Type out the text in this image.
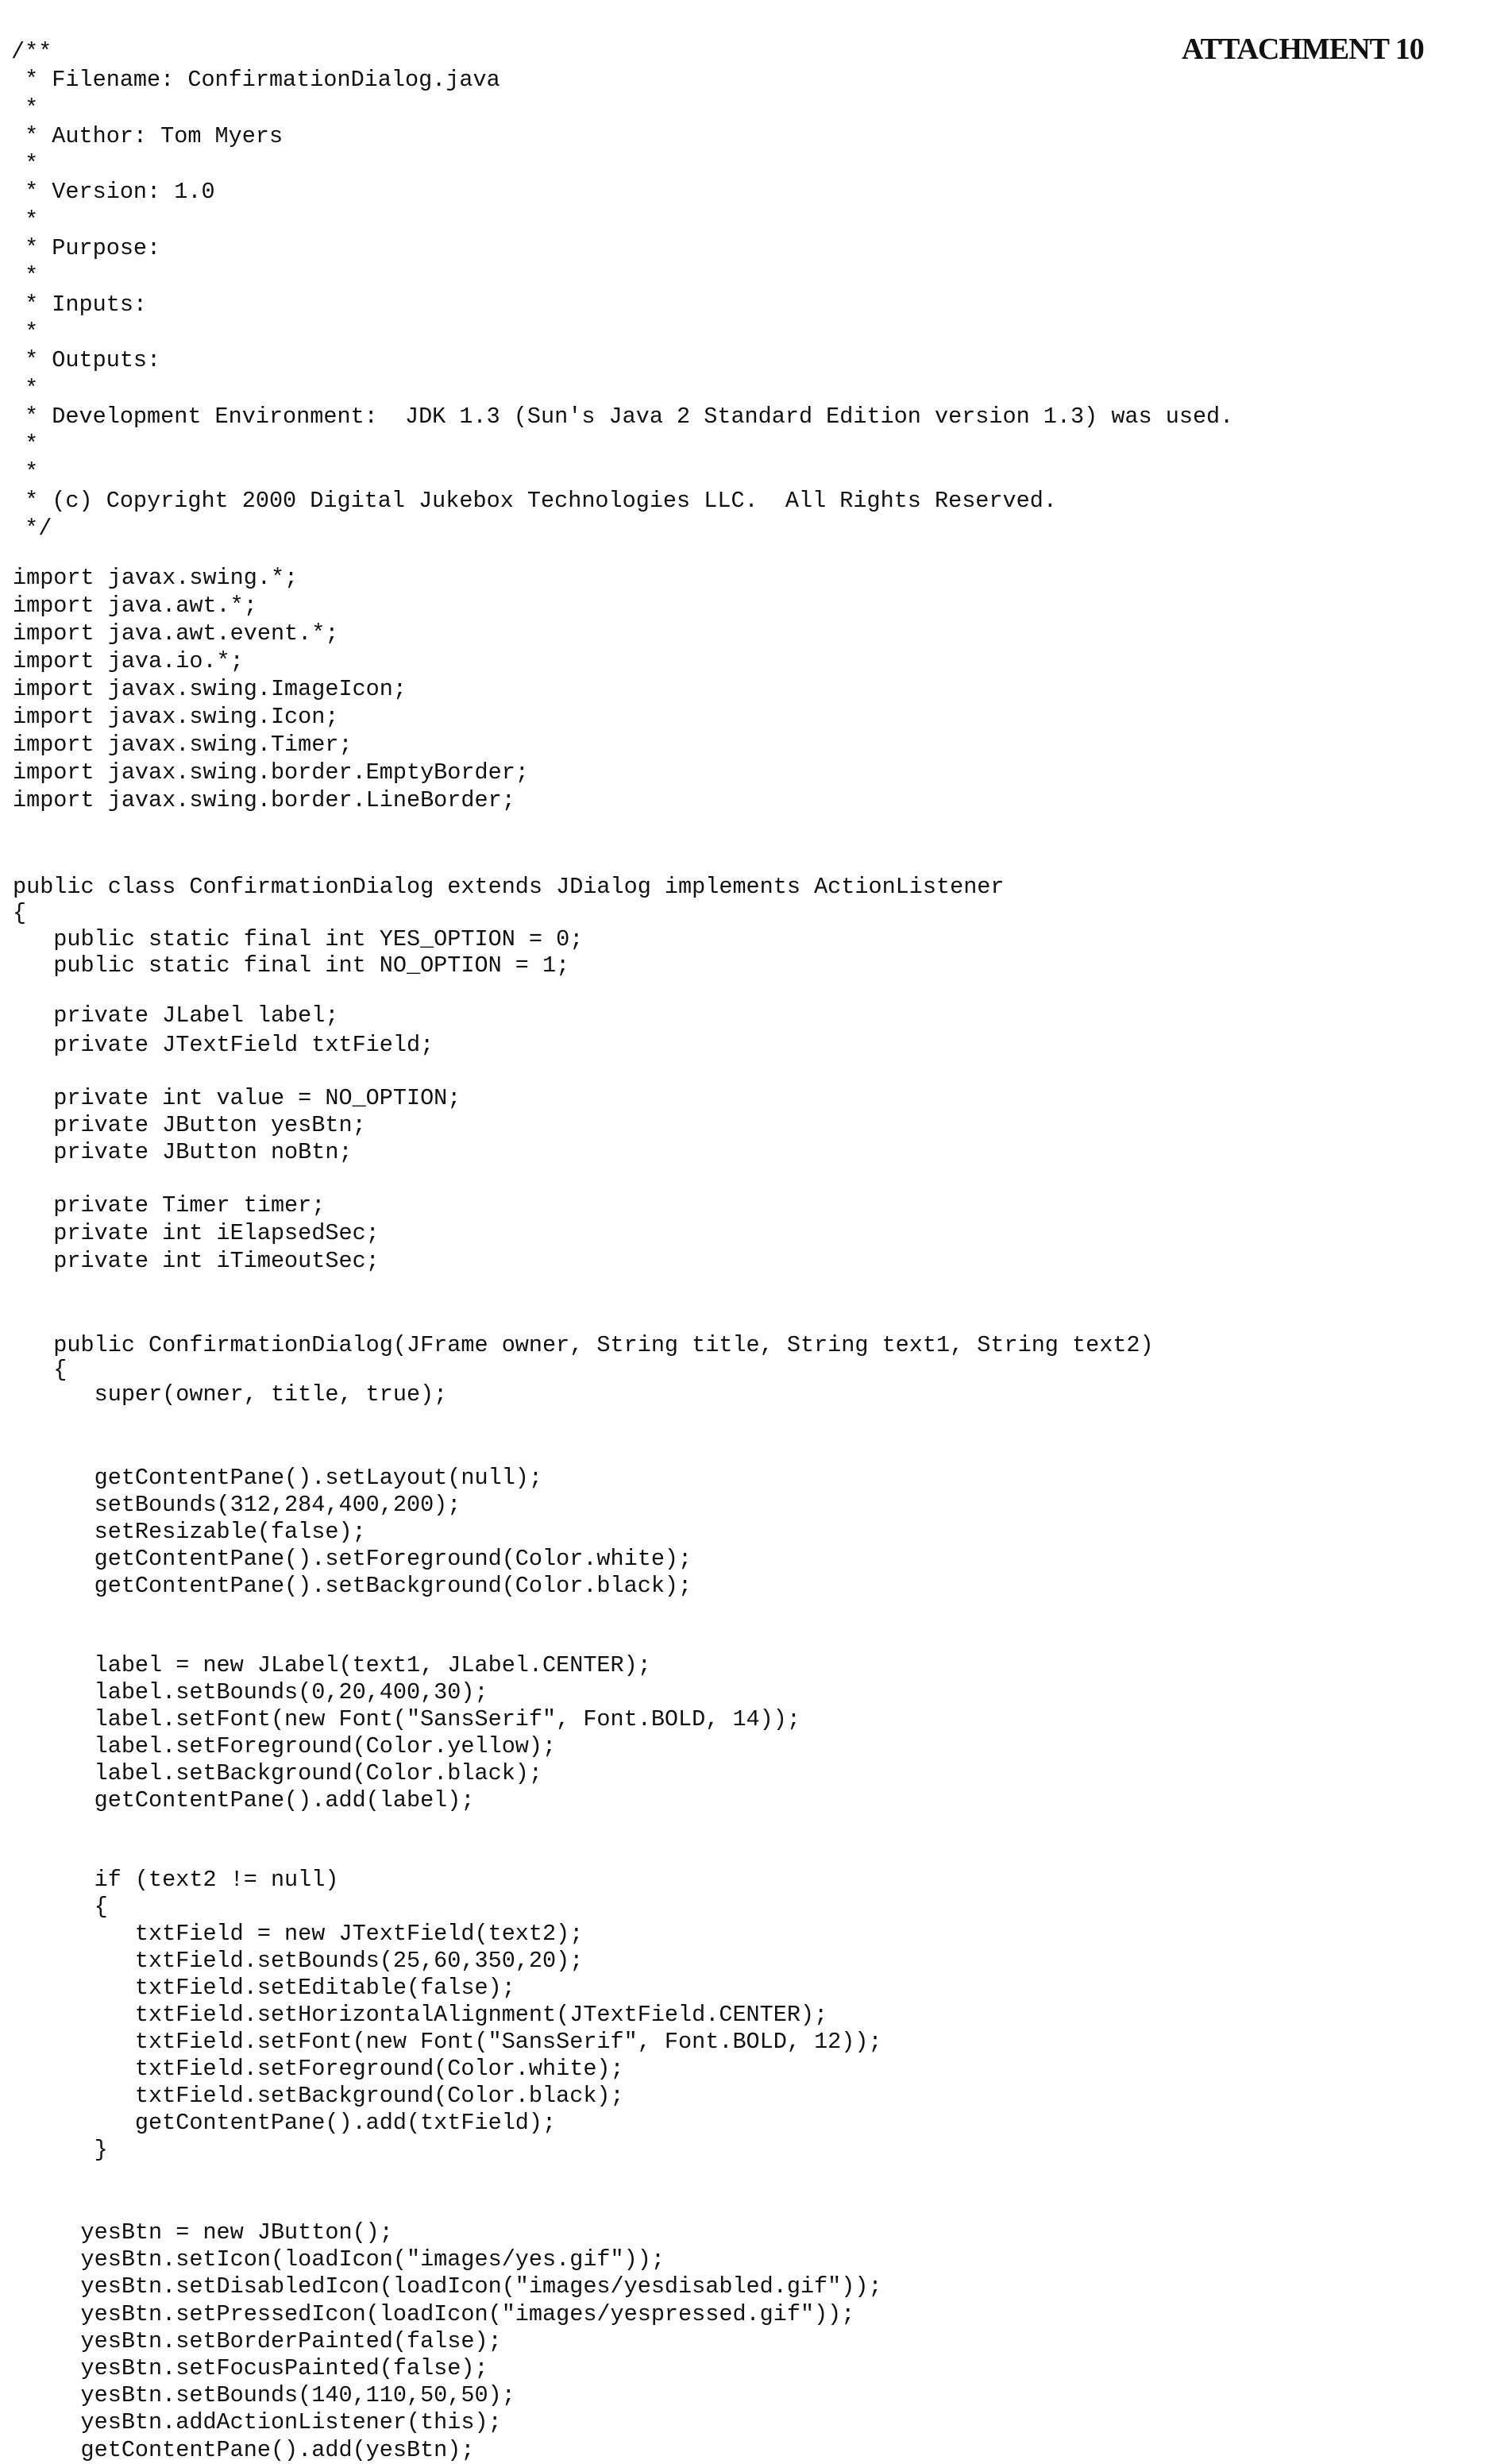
ATTACHMENT 10
/**
* Filename: ConfirmationDialog.java
*
* Author: Tom Myers
*
* Version: 1.0
*
* Purpose:
*
* Inputs:
*
* Outputs:
*
* Development Environment:  JDK 1.3 (Sun's Java 2 Standard Edition version 1.3) was used.
*
*
* (c) Copyright 2000 Digital Jukebox Technologies LLC.  All Rights Reserved.
*/
import javax.swing.*;
import java.awt.*;
import java.awt.event.*;
import java.io.*;
import javax.swing.ImageIcon;
import javax.swing.Icon;
import javax.swing.Timer;
import javax.swing.border.EmptyBorder;
import javax.swing.border.LineBorder;
public class ConfirmationDialog extends JDialog implements ActionListener
{
public static final int YES_OPTION = 0;
public static final int NO_OPTION = 1;
private JLabel label;
private JTextField txtField;
private int value = NO_OPTION;
private JButton yesBtn;
private JButton noBtn;
private Timer timer;
private int iElapsedSec;
private int iTimeoutSec;
public ConfirmationDialog(JFrame owner, String title, String text1, String text2)
{
super(owner, title, true);
getContentPane().setLayout(null);
setBounds(312,284,400,200);
setResizable(false);
getContentPane().setForeground(Color.white);
getContentPane().setBackground(Color.black);
label = new JLabel(text1, JLabel.CENTER);
label.setBounds(0,20,400,30);
label.setFont(new Font("SansSerif", Font.BOLD, 14));
label.setForeground(Color.yellow);
label.setBackground(Color.black);
getContentPane().add(label);
if (text2 != null)
{
txtField = new JTextField(text2);
txtField.setBounds(25,60,350,20);
txtField.setEditable(false);
txtField.setHorizontalAlignment(JTextField.CENTER);
txtField.setFont(new Font("SansSerif", Font.BOLD, 12));
txtField.setForeground(Color.white);
txtField.setBackground(Color.black);
getContentPane().add(txtField);
}
yesBtn = new JButton();
yesBtn.setIcon(loadIcon("images/yes.gif"));
yesBtn.setDisabledIcon(loadIcon("images/yesdisabled.gif"));
yesBtn.setPressedIcon(loadIcon("images/yespressed.gif"));
yesBtn.setBorderPainted(false);
yesBtn.setFocusPainted(false);
yesBtn.setBounds(140,110,50,50);
yesBtn.addActionListener(this);
getContentPane().add(yesBtn);
